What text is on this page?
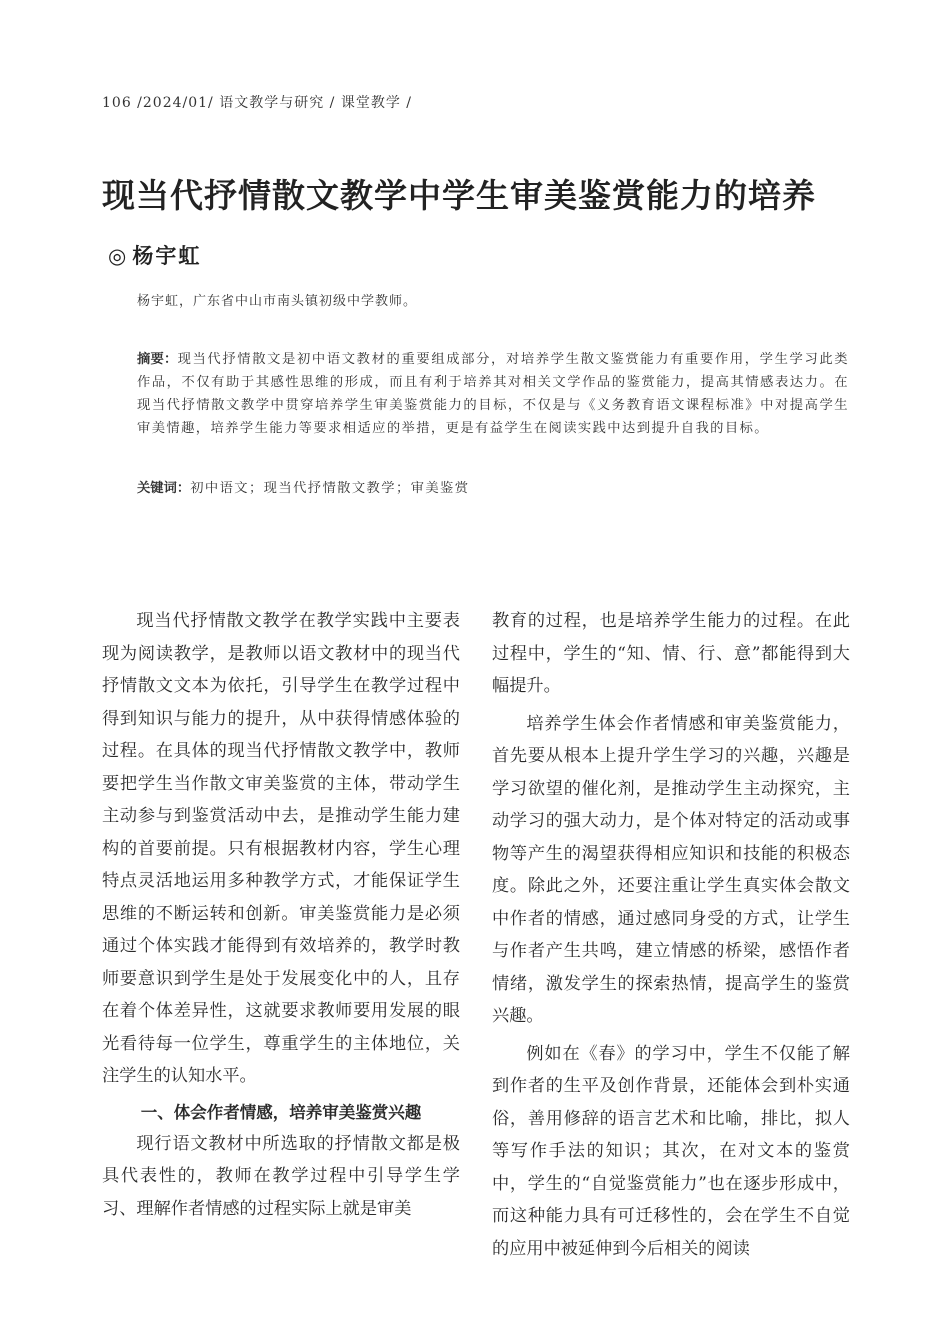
106 /2024/01/ 语文教学与研究 / 课堂教学 /
现当代抒情散文教学中学生审美鉴赏能力的培养
◎ 杨宇虹
杨宇虹，广东省中山市南头镇初级中学教师。
摘要：现当代抒情散文是初中语文教材的重要组成部分，对培养学生散文鉴赏能力有重要作用，学生学习此类作品，不仅有助于其感性思维的形成，而且有利于培养其对相关文学作品的鉴赏能力，提高其情感表达力。在现当代抒情散文教学中贯穿培养学生审美鉴赏能力的目标，不仅是与《义务教育语文课程标准》中对提高学生审美情趣，培养学生能力等要求相适应的举措，更是有益学生在阅读实践中达到提升自我的目标。
关键词：初中语文；现当代抒情散文教学；审美鉴赏

现当代抒情散文教学在教学实践中主要表现为阅读教学，是教师以语文教材中的现当代抒情散文文本为依托，引导学生在教学过程中得到知识与能力的提升，从中获得情感体验的过程。在具体的现当代抒情散文教学中，教师要把学生当作散文审美鉴赏的主体，带动学生主动参与到鉴赏活动中去，是推动学生能力建构的首要前提。只有根据教材内容，学生心理特点灵活地运用多种教学方式，才能保证学生思维的不断运转和创新。审美鉴赏能力是必须通过个体实践才能得到有效培养的，教学时教师要意识到学生是处于发展变化中的人，且存在着个体差异性，这就要求教师要用发展的眼光看待每一位学生，尊重学生的主体地位，关注学生的认知水平。

一、体会作者情感，培养审美鉴赏兴趣

现行语文教材中所选取的抒情散文都是极具代表性的，教师在教学过程中引导学生学习、理解作者情感的过程实际上就是审美

教育的过程，也是培养学生能力的过程。在此过程中，学生的“知、情、行、意”都能得到大幅提升。

培养学生体会作者情感和审美鉴赏能力，首先要从根本上提升学生学习的兴趣，兴趣是学习欲望的催化剂，是推动学生主动探究，主动学习的强大动力，是个体对特定的活动或事物等产生的渴望获得相应知识和技能的积极态度。除此之外，还要注重让学生真实体会散文中作者的情感，通过感同身受的方式，让学生与作者产生共鸣，建立情感的桥梁，感悟作者情绪，激发学生的探索热情，提高学生的鉴赏兴趣。

例如在《春》的学习中，学生不仅能了解到作者的生平及创作背景，还能体会到朴实通俗，善用修辞的语言艺术和比喻，排比，拟人等写作手法的知识；其次，在对文本的鉴赏中，学生的“自觉鉴赏能力”也在逐步形成中，而这种能力具有可迁移性的，会在学生不自觉的应用中被延伸到今后相关的阅读
